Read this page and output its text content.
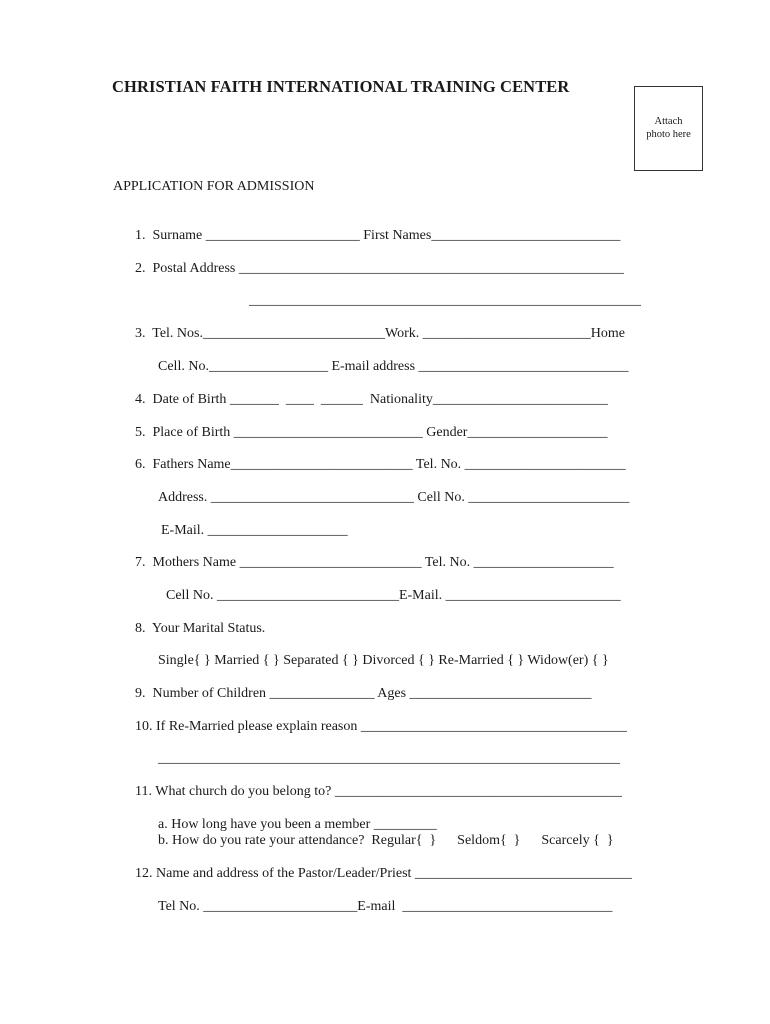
CHRISTIAN FAITH INTERNATIONAL TRAINING CENTER
Attach
photo here
APPLICATION FOR ADMISSION
1.  Surname ______________________ First Names___________________________
2.  Postal Address _______________________________________________________
________________________________________________________
3.  Tel. Nos.__________________________Work. ________________________Home
Cell. No._________________ E-mail address ______________________________
4.  Date of Birth _______  ____  ______  Nationality_________________________
5.  Place of Birth ___________________________ Gender____________________
6.  Fathers Name__________________________ Tel. No. _______________________
Address. _____________________________ Cell No. _______________________
E-Mail. ____________________
7.  Mothers Name __________________________ Tel. No. ____________________
Cell No. __________________________E-Mail. _________________________
8.  Your Marital Status.
Single{ } Married { } Separated { } Divorced { } Re-Married { } Widow(er) { }
9.  Number of Children _______________ Ages __________________________
10. If Re-Married please explain reason ______________________________________
__________________________________________________________________
11. What church do you belong to? _________________________________________
a. How long have you been a member _________
b. How do you rate your attendance?  Regular{  }      Seldom{  }      Scarcely {  }
12. Name and address of the Pastor/Leader/Priest _______________________________
Tel No. ______________________E-mail  ______________________________
